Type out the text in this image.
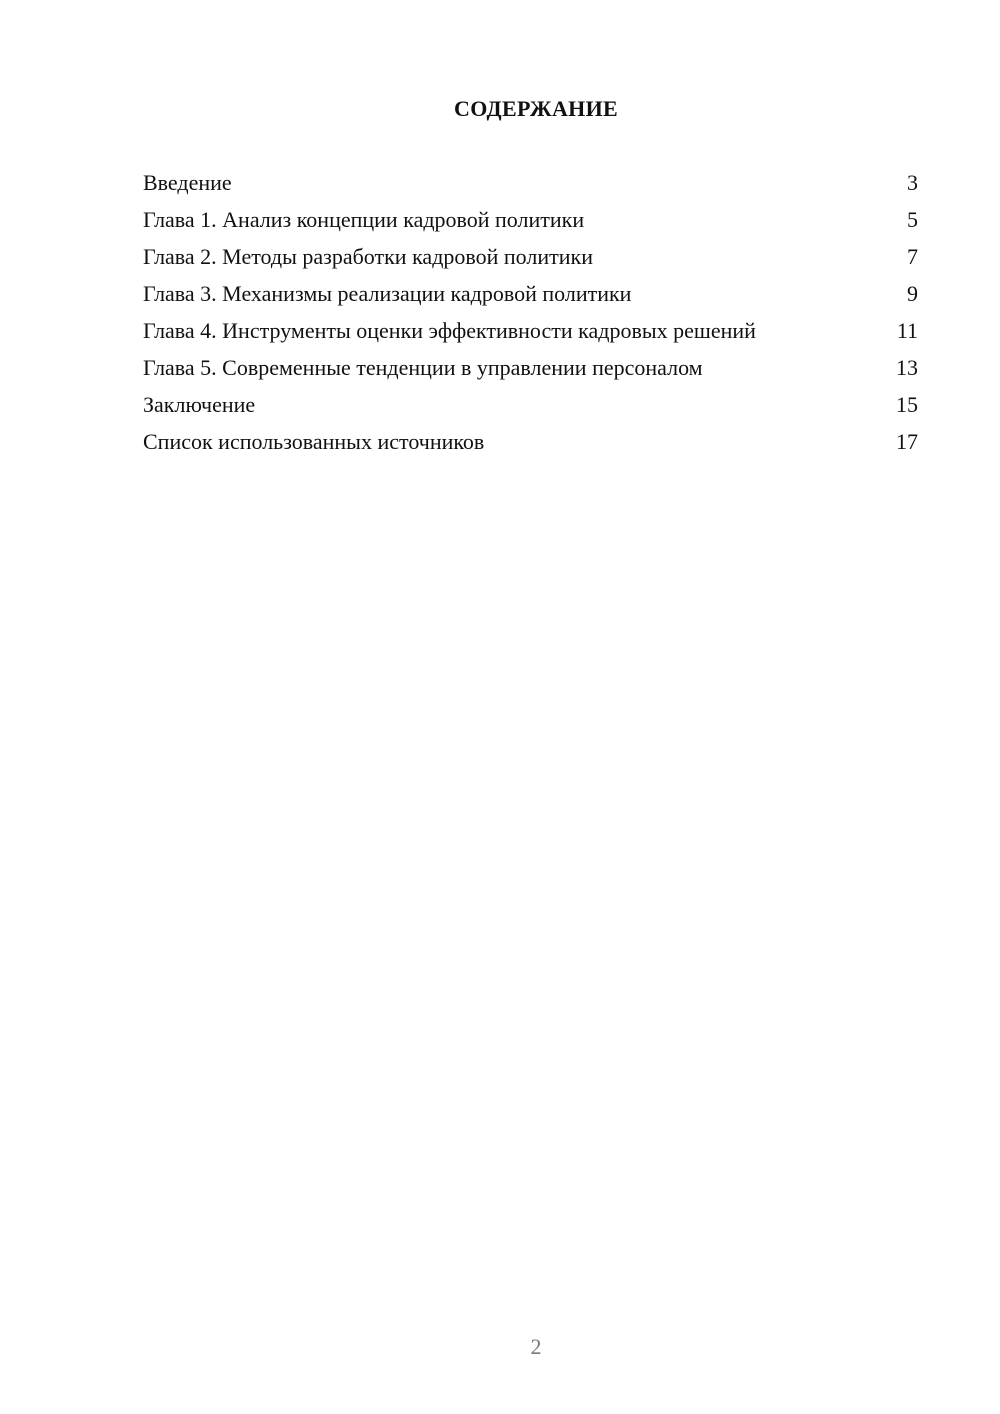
СОДЕРЖАНИЕ
Введение	3
Глава 1. Анализ концепции кадровой политики	5
Глава 2. Методы разработки кадровой политики	7
Глава 3. Механизмы реализации кадровой политики	9
Глава 4. Инструменты оценки эффективности кадровых решений	11
Глава 5. Современные тенденции в управлении персоналом	13
Заключение	15
Список использованных источников	17
2
